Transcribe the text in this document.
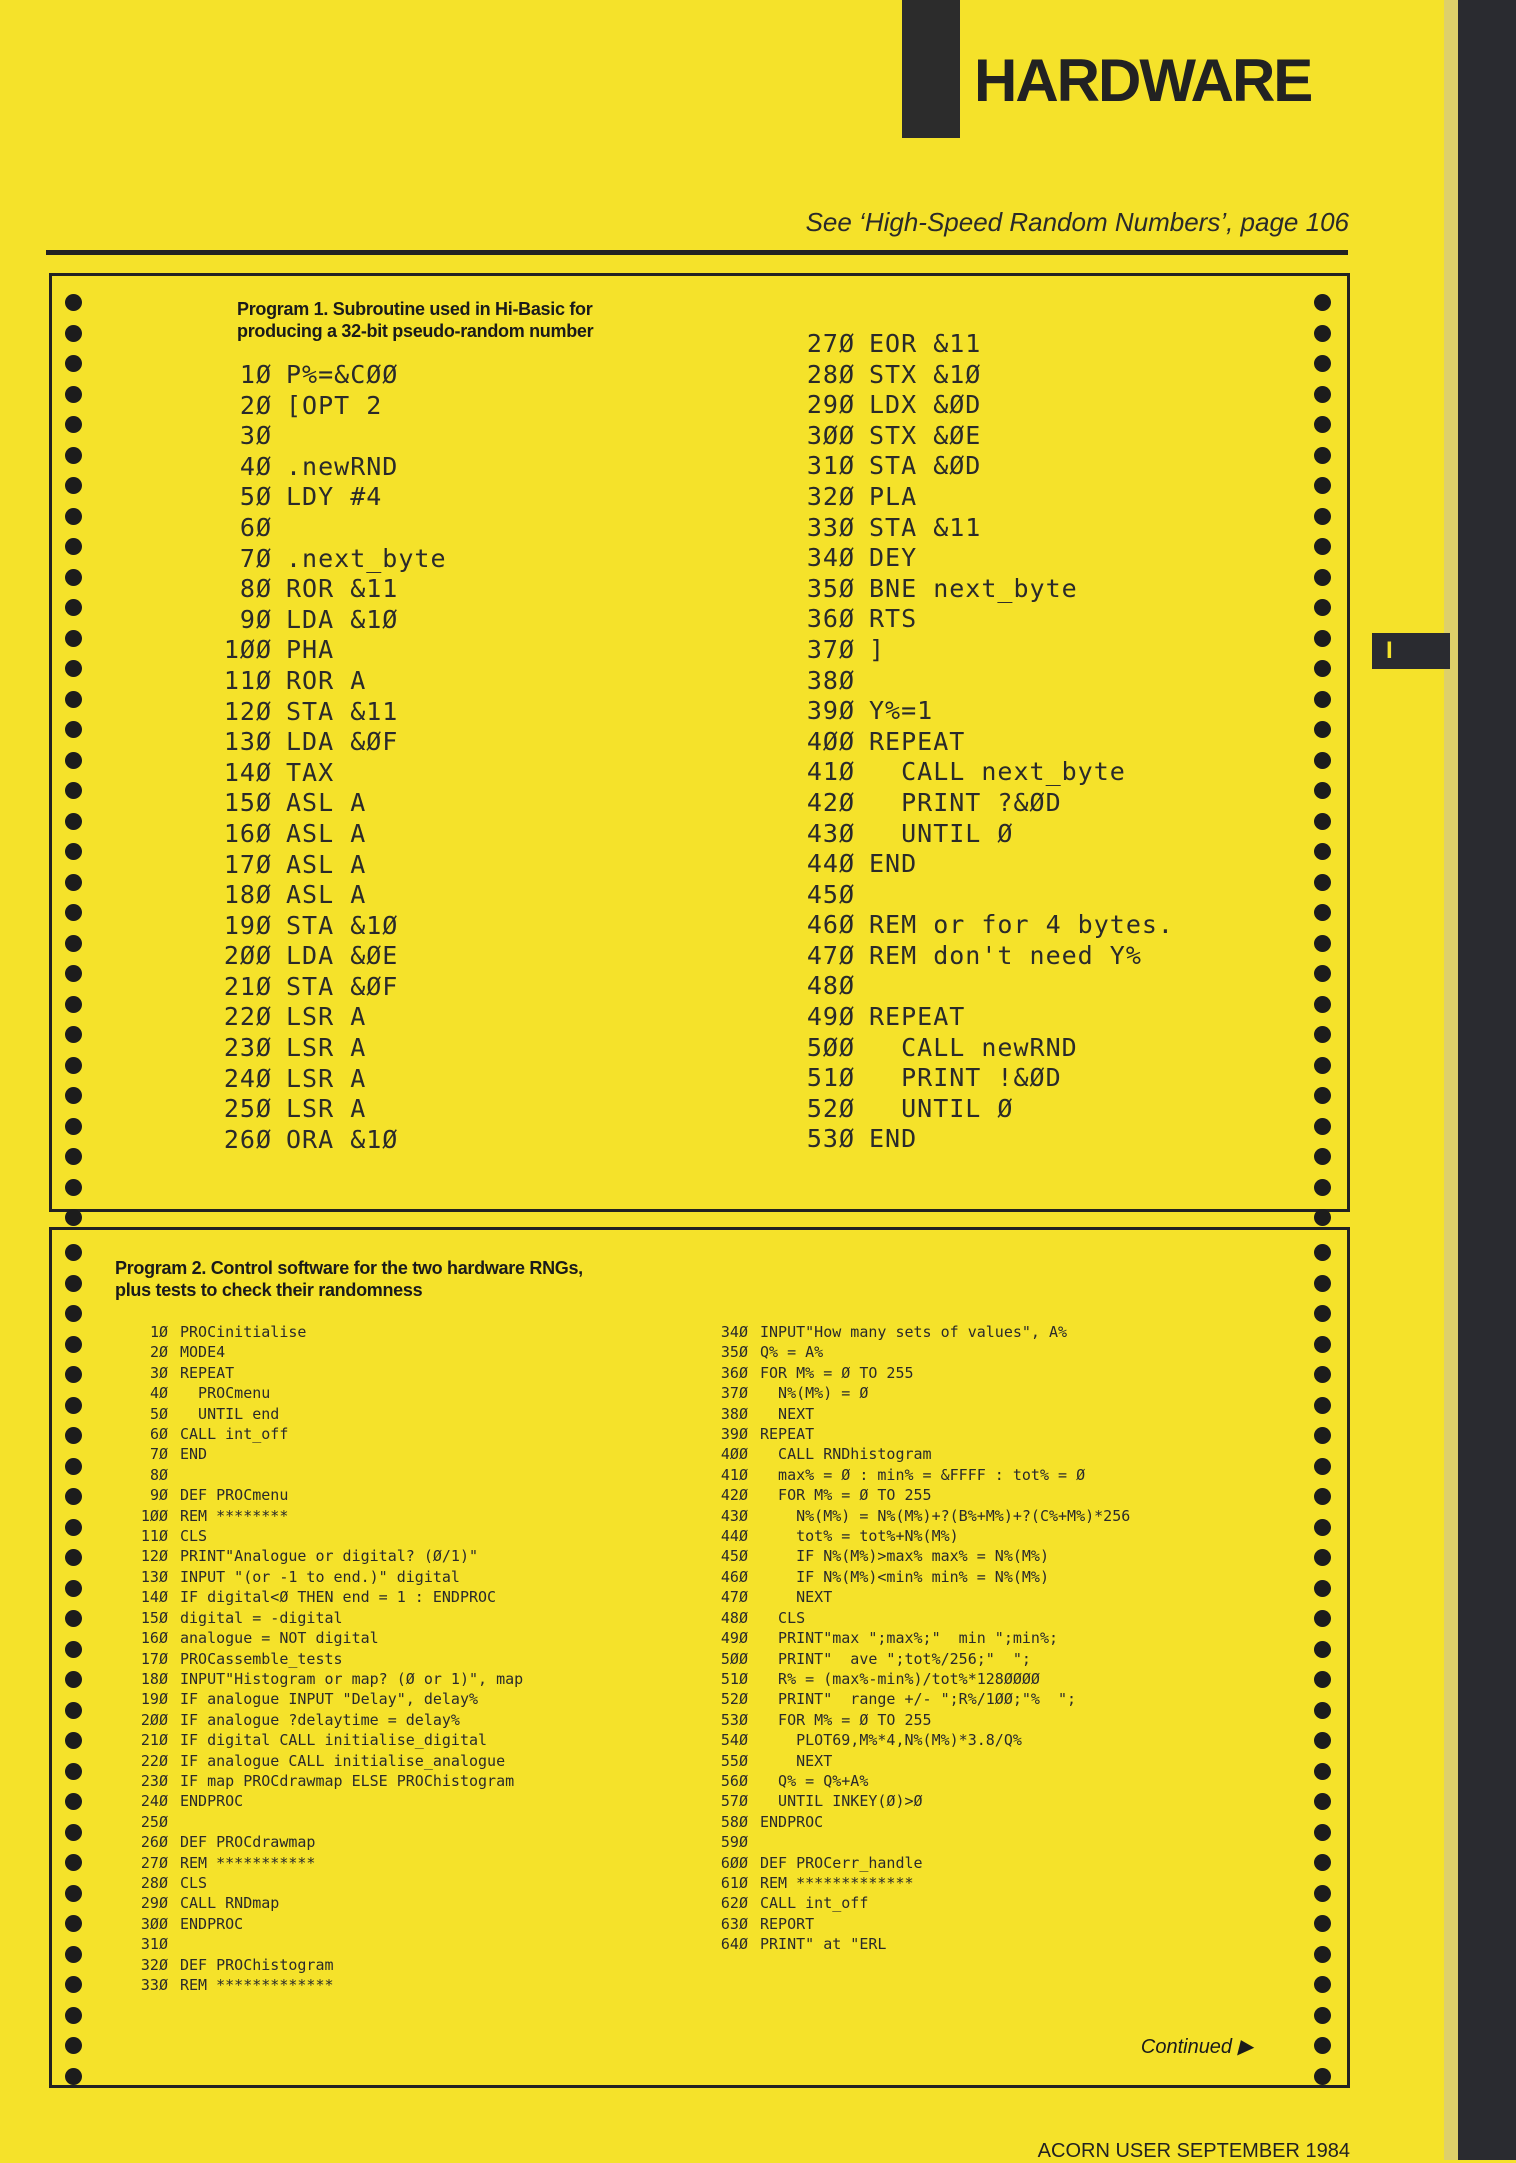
I
HARDWARE
See ‘High-Speed Random Numbers’, page 106
Program 1. Subroutine used in Hi-Basic for
producing a 32-bit pseudo-random number
1Ø P%=&CØØ
2Ø [OPT 2
3Ø
4Ø .newRND
5Ø LDY #4
6Ø
7Ø .next_byte
8Ø ROR &11
9Ø LDA &1Ø
1ØØ PHA
11Ø ROR A
12Ø STA &11
13Ø LDA &ØF
14Ø TAX
15Ø ASL A
16Ø ASL A
17Ø ASL A
18Ø ASL A
19Ø STA &1Ø
2ØØ LDA &ØE
21Ø STA &ØF
22Ø LSR A
23Ø LSR A
24Ø LSR A
25Ø LSR A
26Ø ORA &1Ø
27Ø EOR &11
28Ø STX &1Ø
29Ø LDX &ØD
3ØØ STX &ØE
31Ø STA &ØD
32Ø PLA
33Ø STA &11
34Ø DEY
35Ø BNE next_byte
36Ø RTS
37Ø ]
38Ø
39Ø Y%=1
4ØØ REPEAT
41Ø  CALL next_byte
42Ø  PRINT ?&ØD
43Ø  UNTIL Ø
44Ø END
45Ø
46Ø REM or for 4 bytes.
47Ø REM don't need Y%
48Ø
49Ø REPEAT
5ØØ  CALL newRND
51Ø  PRINT !&ØD
52Ø  UNTIL Ø
53Ø END
Program 2. Control software for the two hardware RNGs,
plus tests to check their randomness
1Ø PROCinitialise
2Ø MODE4
3Ø REPEAT
4Ø  PROCmenu
5Ø  UNTIL end
6Ø CALL int_off
7Ø END
8Ø
9Ø DEF PROCmenu
1ØØ REM ********
11Ø CLS
12Ø PRINT"Analogue or digital? (Ø/1)"
13Ø INPUT "(or -1 to end.)" digital
14Ø IF digital<Ø THEN end = 1 : ENDPROC
15Ø digital = -digital
16Ø analogue = NOT digital
17Ø PROCassemble_tests
18Ø INPUT"Histogram or map? (Ø or 1)", map
19Ø IF analogue INPUT "Delay", delay%
2ØØ IF analogue ?delaytime = delay%
21Ø IF digital CALL initialise_digital
22Ø IF analogue CALL initialise_analogue
23Ø IF map PROCdrawmap ELSE PROChistogram
24Ø ENDPROC
25Ø
26Ø DEF PROCdrawmap
27Ø REM ***********
28Ø CLS
29Ø CALL RNDmap
3ØØ ENDPROC
31Ø
32Ø DEF PROChistogram
33Ø REM *************
34Ø INPUT"How many sets of values", A%
35Ø Q% = A%
36Ø FOR M% = Ø TO 255
37Ø  N%(M%) = Ø
38Ø  NEXT
39Ø REPEAT
4ØØ  CALL RNDhistogram
41Ø  max% = Ø : min% = &FFFF : tot% = Ø
42Ø  FOR M% = Ø TO 255
43Ø    N%(M%) = N%(M%)+?(B%+M%)+?(C%+M%)*256
44Ø    tot% = tot%+N%(M%)
45Ø    IF N%(M%)>max% max% = N%(M%)
46Ø    IF N%(M%)<min% min% = N%(M%)
47Ø    NEXT
48Ø  CLS
49Ø  PRINT"max ";max%;"  min ";min%;
5ØØ  PRINT"  ave ";tot%/256;"  ";
51Ø  R% = (max%-min%)/tot%*128ØØØØ
52Ø  PRINT"  range +/- ";R%/1ØØ;"%  ";
53Ø  FOR M% = Ø TO 255
54Ø    PLOT69,M%*4,N%(M%)*3.8/Q%
55Ø    NEXT
56Ø  Q% = Q%+A%
57Ø  UNTIL INKEY(Ø)>Ø
58Ø ENDPROC
59Ø
6ØØ DEF PROCerr_handle
61Ø REM *************
62Ø CALL int_off
63Ø REPORT
64Ø PRINT" at "ERL
Continued ▶
ACORN USER SEPTEMBER 1984
